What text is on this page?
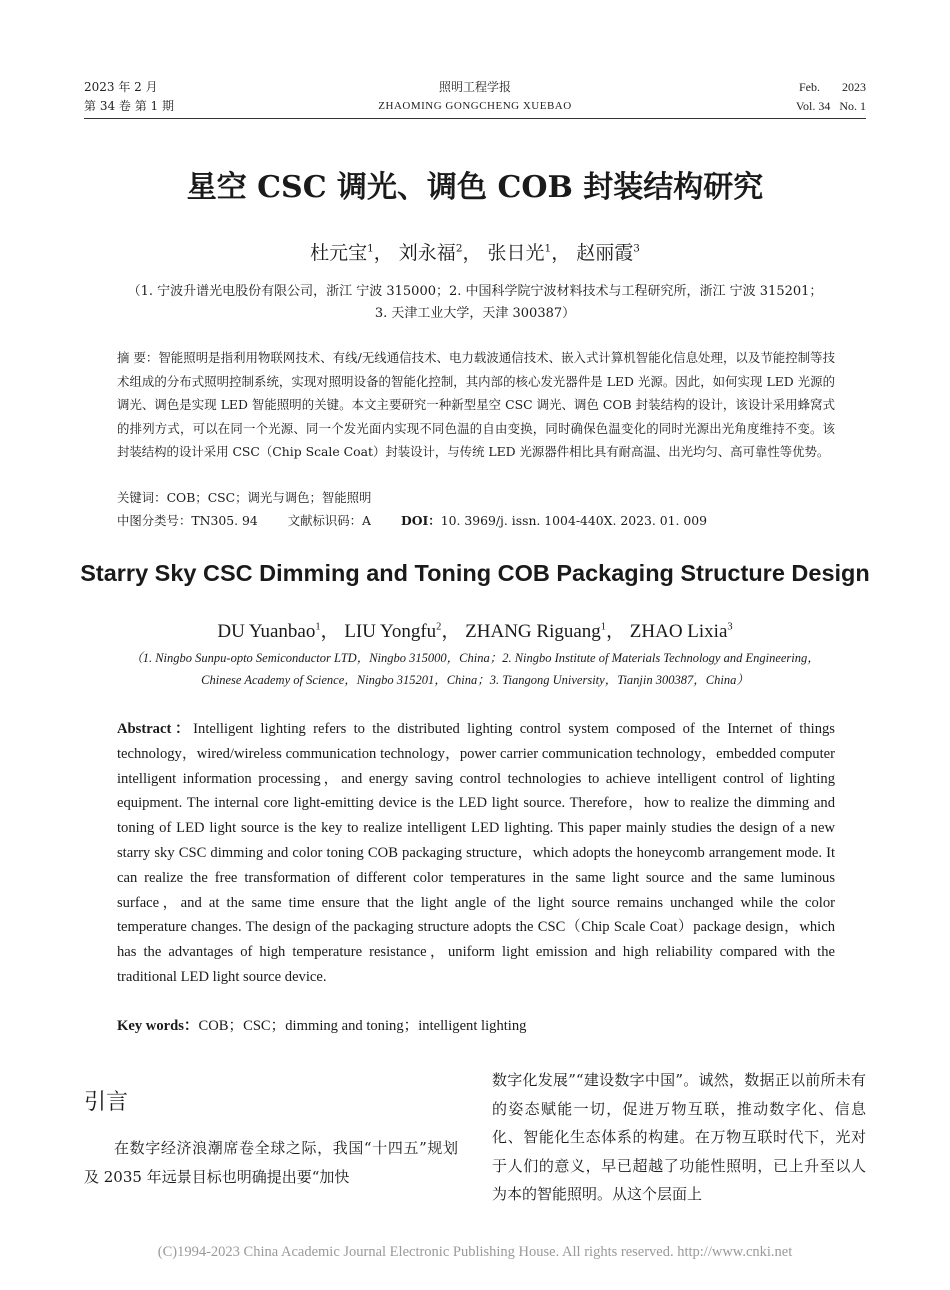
2023 年 2 月
第 34 卷 第 1 期
照明工程学报
ZHAOMING GONGCHENG XUEBAO
Feb. 2023
Vol. 34 No. 1
星空 CSC 调光、调色 COB 封装结构研究
杜元宝$^1$， 刘永福$^2$， 张日光$^1$， 赵丽霞$^3$
（1. 宁波升谱光电股份有限公司，浙江 宁波 315000；2. 中国科学院宁波材料技术与工程研究所，浙江 宁波 315201；
3. 天津工业大学，天津 300387）
摘 要：智能照明是指利用物联网技术、有线/无线通信技术、电力载波通信技术、嵌入式计算机智能化信息处理，以及节能控制等技术组成的分布式照明控制系统，实现对照明设备的智能化控制，其内部的核心发光器件是 LED 光源。因此，如何实现 LED 光源的调光、调色是实现 LED 智能照明的关键。本文主要研究一种新型星空 CSC 调光、调色 COB 封装结构的设计，该设计采用蜂窝式的排列方式，可以在同一个光源、同一个发光面内实现不同色温的自由变换，同时确保色温变化的同时光源出光角度维持不变。该封装结构的设计采用 CSC（Chip Scale Coat）封装设计，与传统 LED 光源器件相比具有耐高温、出光均匀、高可靠性等优势。
关键词：COB；CSC；调光与调色；智能照明
中图分类号：TN305. 94 文献标识码：A DOI：10. 3969/j. issn. 1004-440X. 2023. 01. 009
Starry Sky CSC Dimming and Toning COB Packaging Structure Design
DU Yuanbao$^1$， LIU Yongfu$^2$， ZHANG Riguang$^1$， ZHAO Lixia$^3$
（1. Ningbo Sunpu-opto Semiconductor LTD，Ningbo 315000，China；2. Ningbo Institute of Materials Technology and Engineering，
Chinese Academy of Science，Ningbo 315201，China；3. Tiangong University，Tianjin 300387，China）
Abstract：Intelligent lighting refers to the distributed lighting control system composed of the Internet of things technology，wired/wireless communication technology，power carrier communication technology，embedded computer intelligent information processing，and energy saving control technologies to achieve intelligent control of lighting equipment. The internal core light-emitting device is the LED light source. Therefore，how to realize the dimming and toning of LED light source is the key to realize intelligent LED lighting. This paper mainly studies the design of a new starry sky CSC dimming and color toning COB packaging structure，which adopts the honeycomb arrangement mode. It can realize the free transformation of different color temperatures in the same light source and the same luminous surface，and at the same time ensure that the light angle of the light source remains unchanged while the color temperature changes. The design of the packaging structure adopts the CSC（Chip Scale Coat）package design，which has the advantages of high temperature resistance，uniform light emission and high reliability compared with the traditional LED light source device.
Key words：COB；CSC；dimming and toning；intelligent lighting
引言
在数字经济浪潮席卷全球之际，我国“十四五”规划及 2035 年远景目标也明确提出要“加快
数字化发展”“建设数字中国”。诚然，数据正以前所未有的姿态赋能一切，促进万物互联，推动数字化、信息化、智能化生态体系的构建。在万物互联时代下，光对于人们的意义，早已超越了功能性照明，已上升至以人为本的智能照明。从这个层面上
(C)1994-2023 China Academic Journal Electronic Publishing House. All rights reserved. http://www.cnki.net
